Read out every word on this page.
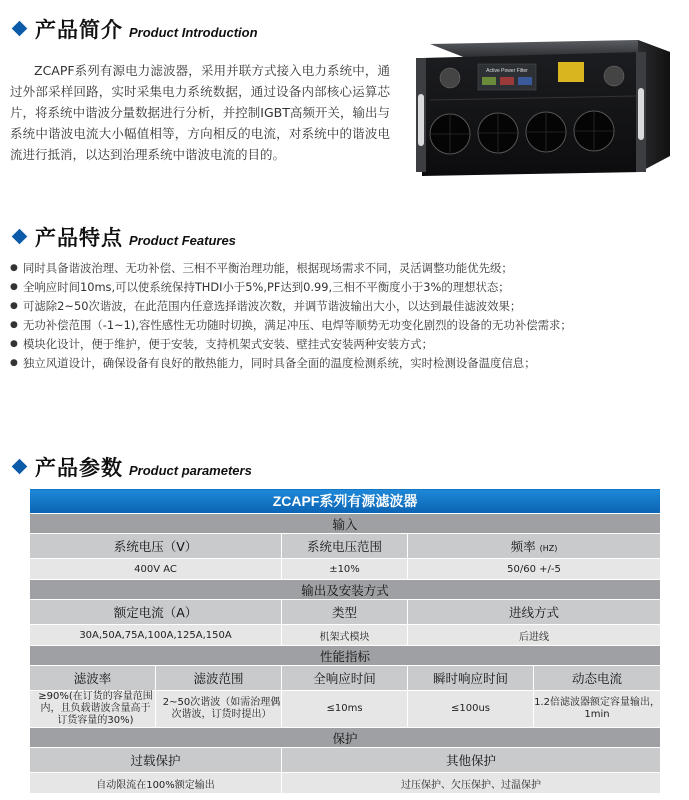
产品简介 Product Introduction

ZCAPF系列有源电力滤波器，采用并联方式接入电力系统中，通过外部采样回路，实时采集电力系统数据，通过设备内部核心运算芯片，将系统中谐波分量数据进行分析，并控制IGBT高频开关，输出与系统中谐波电流大小幅值相等，方向相反的电流，对系统中的谐波电流进行抵消，以达到治理系统中谐波电流的目的。

Active Power Filter
产品特点 Product Features
● 同时具备谐波治理、无功补偿、三相不平衡治理功能，根据现场需求不同，灵活调整功能优先级；
● 全响应时间10ms,可以使系统保持THDI小于5%,PF达到0.99,三相不平衡度小于3%的理想状态；
● 可滤除2~50次谐波，在此范围内任意选择谐波次数，并调节谐波输出大小，以达到最佳滤波效果；
● 无功补偿范围（-1~1),容性感性无功随时切换，满足冲压、电焊等顺势无功变化剧烈的设备的无功补偿需求；
● 模块化设计，便于维护，便于安装，支持机架式安装、壁挂式安装两种安装方式；
● 独立风道设计，确保设备有良好的散热能力，同时具备全面的温度检测系统，实时检测设备温度信息；
产品参数 Product parameters
ZCAPF系列有源滤波器				
输入				
系统电压（V）		系统电压范围	频率 (HZ)	
400V AC		±10%	50/60 +/-5	
输出及安装方式				
额定电流（A）		类型	进线方式	
30A,50A,75A,100A,125A,150A		机架式模块	后进线	
性能指标				
滤波率	滤波范围	全响应时间	瞬时响应时间	动态电流
≥90%(在订货的容量范围内，且负载谐波含量高于订货容量的30%)	2~50次谐波（如需治理偶次谐波，订货时提出）	≤10ms	≤100us	1.2倍滤波器额定容量输出，1min
保护				
过载保护		其他保护		
自动限流在100%额定输出		过压保护、欠压保护、过温保护		
